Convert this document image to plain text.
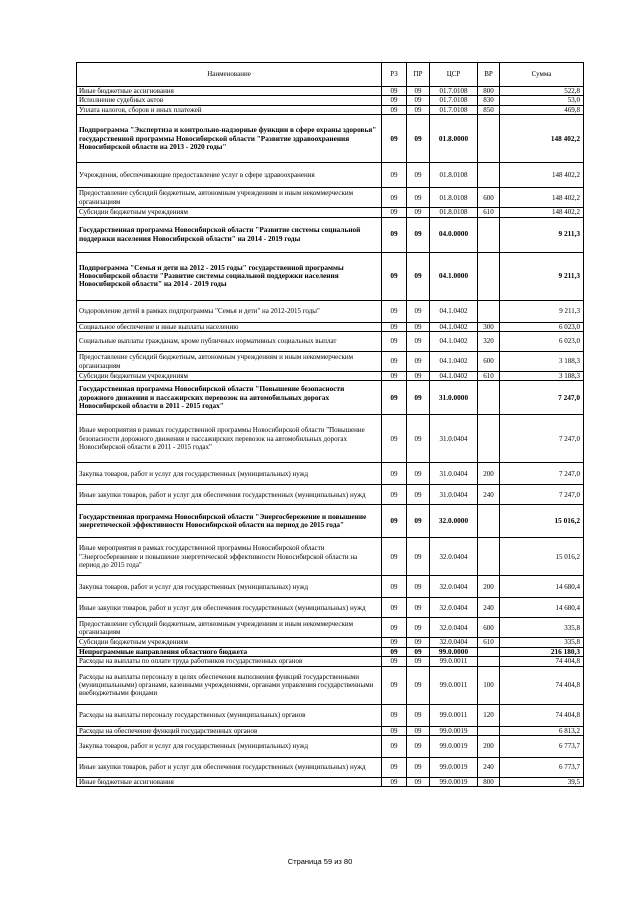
Наименование	РЗ	ПР	ЦСР	ВР	Сумма
Иные бюджетные ассигнования	09	09	01.7.0108	800	522,8
Исполнение судебных актов	09	09	01.7.0108	830	53,0
Уплата налогов, сборов и иных платежей	09	09	01.7.0108	850	469,8
Подпрограмма "Экспертиза и контрольно-надзорные функции в сфере охраны здоровья" государственной программы Новосибирской области "Развитие здравоохранения Новосибирской области на 2013 - 2020 годы"	09	09	01.8.0000		148 402,2
Учреждения, обеспечивающие предоставление услуг в сфере здравоохранения	09	09	01.8.0108		148 402,2
Предоставление субсидий бюджетным, автономным учреждениям и иным некоммерческим организациям	09	09	01.8.0108	600	148 402,2
Субсидии бюджетным учреждениям	09	09	01.8.0108	610	148 402,2
Государственная программа Новосибирской области "Развитие системы социальной поддержки населения Новосибирской области" на 2014 - 2019 годы	09	09	04.0.0000		9 211,3
Подпрограмма "Семья и дети на 2012 - 2015 годы" государственной программы Новосибирской области "Развитие системы социальной поддержки населения Новосибирской области" на 2014 - 2019 годы	09	09	04.1.0000		9 211,3
Оздоровление детей в рамках подпрограммы "Семья и дети" на 2012-2015 годы"	09	09	04.1.0402		9 211,3
Социальное обеспечение и иные выплаты населению	09	09	04.1.0402	300	6 023,0
Социальные выплаты гражданам, кроме публичных нормативных социальных выплат	09	09	04.1.0402	320	6 023,0
Предоставление субсидий бюджетным, автономным учреждениям и иным некоммерческим организациям	09	09	04.1.0402	600	3 188,3
Субсидии бюджетным учреждениям	09	09	04.1.0402	610	3 188,3
Государственная программа Новосибирской области "Повышение безопасности дорожного движения и пассажирских перевозок на автомобильных дорогах Новосибирской области в 2011 - 2015 годах"	09	09	31.0.0000		7 247,0
Иные мероприятия в рамках государственной программы Новосибирской области "Повышение безопасности дорожного движения и пассажирских перевозок на автомобильных дорогах Новосибирской области в 2011 - 2015 годах"	09	09	31.0.0404		7 247,0
Закупка товаров, работ и услуг для государственных (муниципальных) нужд	09	09	31.0.0404	200	7 247,0
Иные закупки товаров, работ и услуг для обеспечения государственных (муниципальных) нужд	09	09	31.0.0404	240	7 247,0
Государственная программа Новосибирской области "Энергосбережение и повышение энергетической эффективности Новосибирской области на период до 2015 года"	09	09	32.0.0000		15 016,2
Иные мероприятия в рамках государственной программы Новосибирской области "Энергосбережение и повышение энергетической эффективности Новосибирской области на период до 2015 года"	09	09	32.0.0404		15 016,2
Закупка товаров, работ и услуг для государственных (муниципальных) нужд	09	09	32.0.0404	200	14 680,4
Иные закупки товаров, работ и услуг для обеспечения государственных (муниципальных) нужд	09	09	32.0.0404	240	14 680,4
Предоставление субсидий бюджетным, автономным учреждениям и иным некоммерческим организациям	09	09	32.0.0404	600	335,8
Субсидии бюджетным учреждениям	09	09	32.0.0404	610	335,8
Непрограммные направления областного бюджета	09	09	99.0.0000		216 180,3
Расходы на выплаты по оплате труда работников государственных органов	09	09	99.0.0011		74 404,8
Расходы на выплаты персоналу в целях обеспечения выполнения функций государственными (муниципальными) органами, казенными учреждениями, органами управления государственными внебюджетными фондами	09	09	99.0.0011	100	74 404,8
Расходы на выплаты персоналу государственных (муниципальных) органов	09	09	99.0.0011	120	74 404,8
Расходы на обеспечение функций государственных органов	09	09	99.0.0019		6 813,2
Закупка товаров, работ и услуг для государственных (муниципальных) нужд	09	09	99.0.0019	200	6 773,7
Иные закупки товаров, работ и услуг для обеспечения государственных (муниципальных) нужд	09	09	99.0.0019	240	6 773,7
Иные бюджетные ассигнования	09	09	99.0.0019	800	39,5
Страница 59 из 80
